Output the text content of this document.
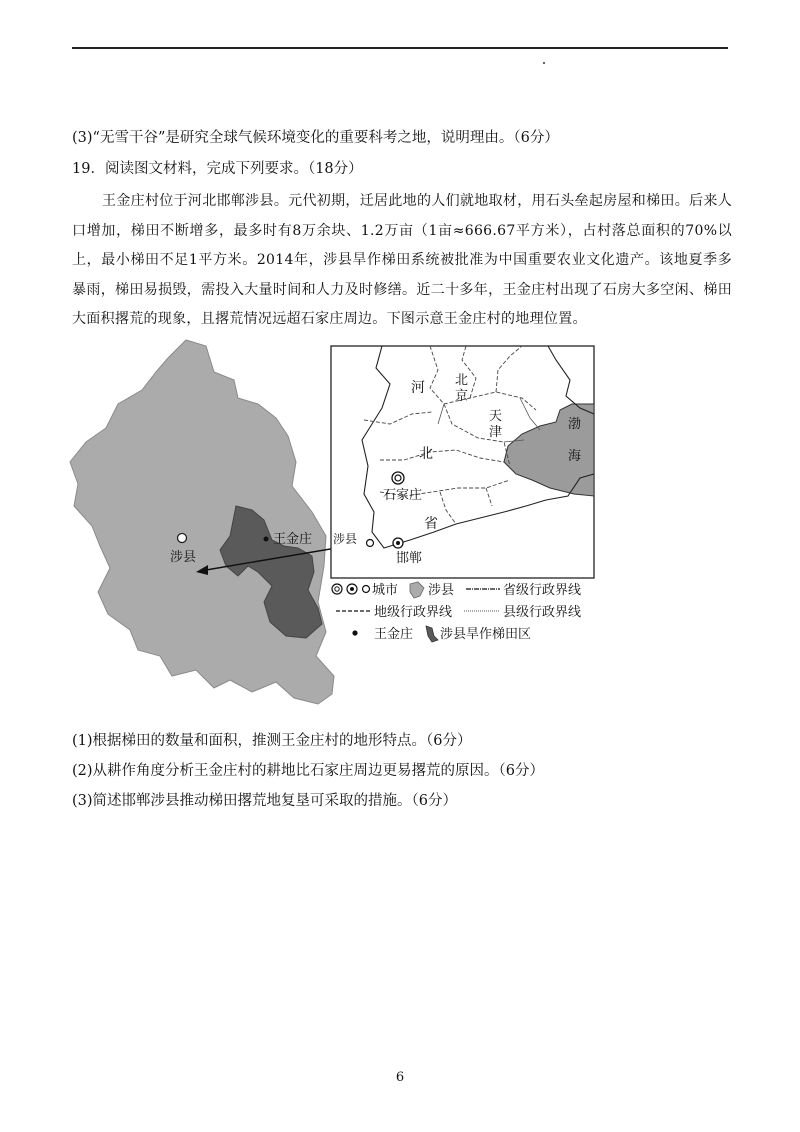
(3)“无雪干谷”是研究全球气候环境变化的重要科考之地，说明理由。（6分）
19．阅读图文材料，完成下列要求。（18分）
王金庄村位于河北邯郸涉县。元代初期，迁居此地的人们就地取材，用石头垒起房屋和梯田。后来人口增加，梯田不断增多，最多时有8万余块、1.2万亩（1亩≈666.67平方米），占村落总面积的70%以上，最小梯田不足1平方米。2014年，涉县旱作梯田系统被批准为中国重要农业文化遗产。该地夏季多暴雨，梯田易损毁，需投入大量时间和人力及时修缮。近二十多年，王金庄村出现了石房大多空闲、梯田大面积撂荒的现象，且撂荒情况远超石家庄周边。下图示意王金庄村的地理位置。
涉县
王金庄
河
北
省
北
京
天
津
渤
海
石家庄
涉县
邯郸
城市 涉县	省级行政界线
地级行政界线	县级行政界线
王金庄 涉县旱作梯田区
(1)根据梯田的数量和面积，推测王金庄村的地形特点。（6分）
(2)从耕作角度分析王金庄村的耕地比石家庄周边更易撂荒的原因。（6分）
(3)简述邯郸涉县推动梯田撂荒地复垦可采取的措施。（6分）
6
